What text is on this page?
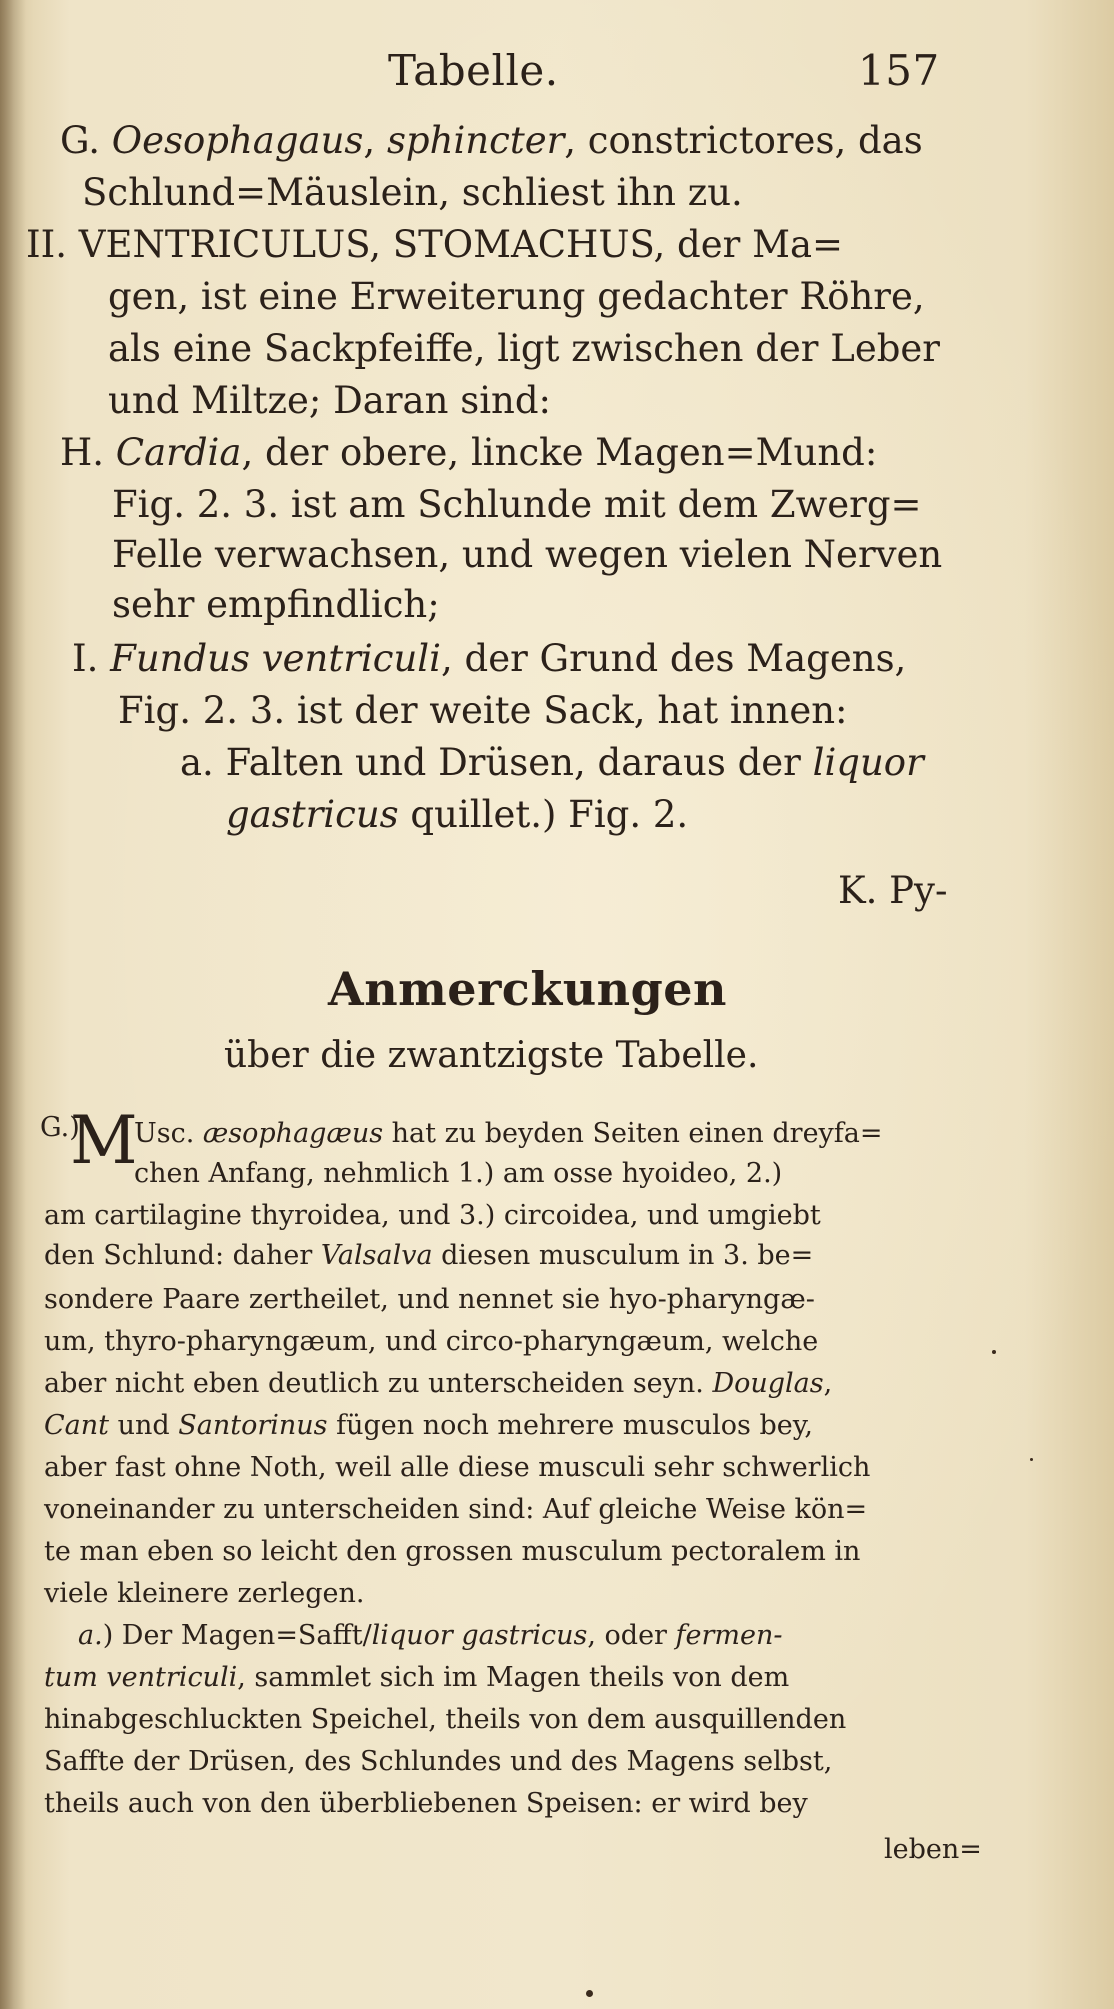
Tabelle.	157
G. Oesophagaus, sphincter, constrictores, das
Schlund=Mäuslein, schliest ihn zu.
II. VENTRICULUS, STOMACHUS, der Ma=
gen, ist eine Erweiterung gedachter Röhre,
als eine Sackpfeiffe, ligt zwischen der Leber
und Miltze; Daran sind:
H. Cardia, der obere, lincke Magen=Mund:
Fig. 2. 3. ist am Schlunde mit dem Zwerg=
Felle verwachsen, und wegen vielen Nerven
sehr empfindlich;
I. Fundus ventriculi, der Grund des Magens,
Fig. 2. 3. ist der weite Sack, hat innen:
a. Falten und Drüsen, daraus der liquor
gastricus quillet.) Fig. 2.
K. Py-
Anmerckungen
über die zwantzigste Tabelle.
G.)
M
Usc. æsophagæus hat zu beyden Seiten einen dreyfa=
chen Anfang, nehmlich 1.) am osse hyoideo, 2.)
am cartilagine thyroidea, und 3.) circoidea, und umgiebt
den Schlund: daher Valsalva diesen musculum in 3. be=
sondere Paare zertheilet, und nennet sie hyo-pharyngæ-
um, thyro-pharyngæum, und circo-pharyngæum, welche
aber nicht eben deutlich zu unterscheiden seyn. Douglas,
Cant und Santorinus fügen noch mehrere musculos bey,
aber fast ohne Noth, weil alle diese musculi sehr schwerlich
voneinander zu unterscheiden sind: Auf gleiche Weise kön=
te man eben so leicht den grossen musculum pectoralem in
viele kleinere zerlegen.
a.) Der Magen=Safft/liquor gastricus, oder fermen-
tum ventriculi, sammlet sich im Magen theils von dem
hinabgeschluckten Speichel, theils von dem ausquillenden
Saffte der Drüsen, des Schlundes und des Magens selbst,
theils auch von den überbliebenen Speisen: er wird bey
leben=
